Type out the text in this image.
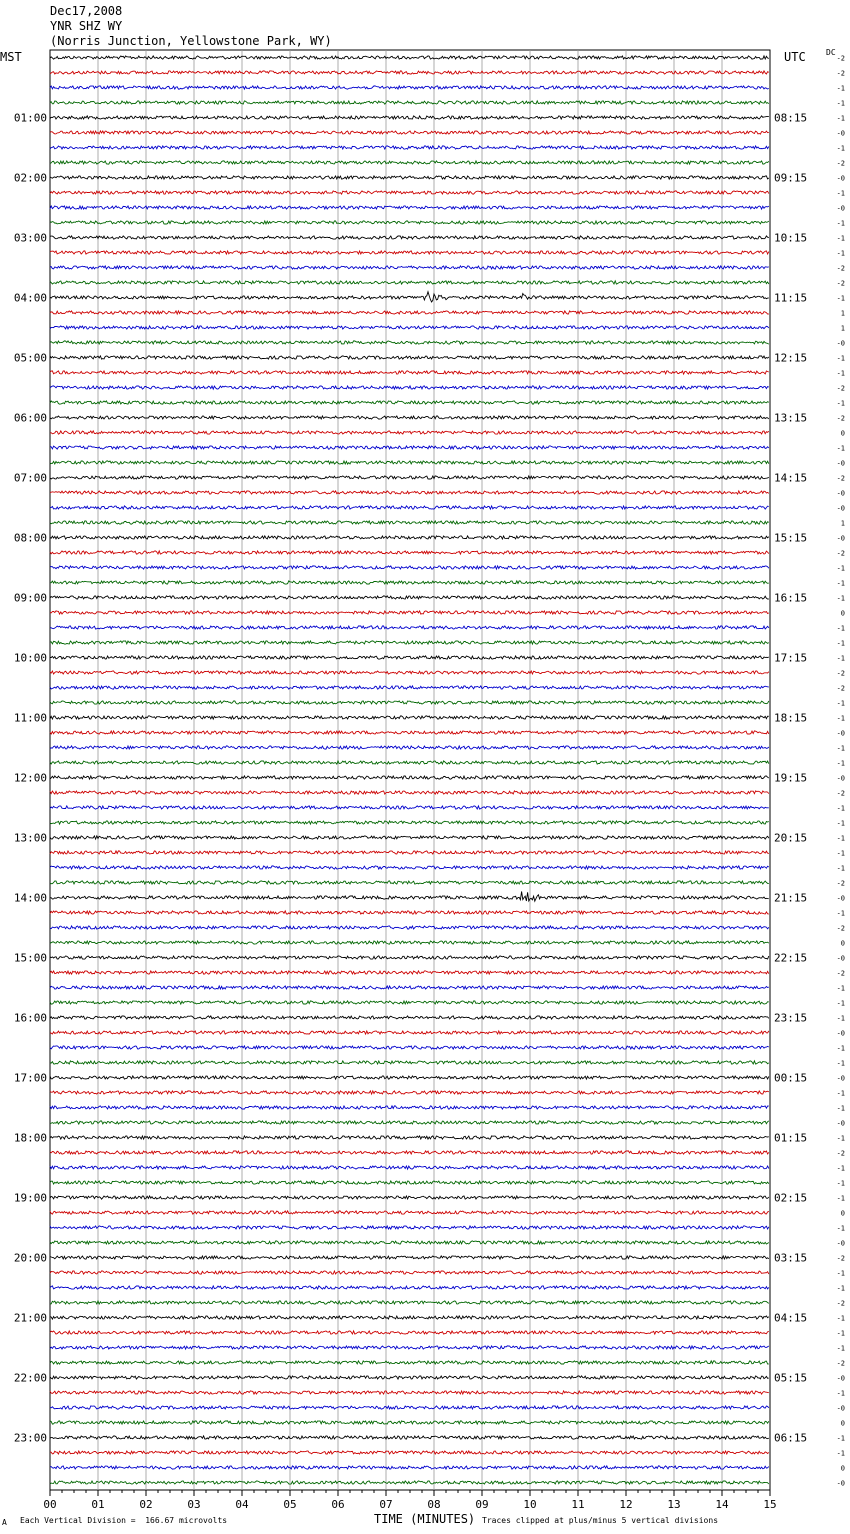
Dec17,2008
YNR SHZ WY
(Norris Junction, Yellowstone Park, WY)
MST	UTC	DC
01:00
02:00
03:00
04:00
05:00
06:00
07:00
08:00
09:00
10:00
11:00
12:00
13:00
14:00
15:00
16:00
17:00
18:00
19:00
20:00
21:00
22:00
23:00
08:15
09:15
10:15
11:15
12:15
13:15
14:15
15:15
16:15
17:15
18:15
19:15
20:15
21:15
22:15
23:15
00:15
01:15
02:15
03:15
04:15
05:15
06:15
-2
-2
-1
-1
-1
-0
-1
-2
-0
-1
-0
-1
-1
-1
-2
-2
-1
1
1
-0
-1
-1
-2
-1
-2
0
-1
-0
-2
-0
-0
1
-0
-2
-1
-1
-1
0
-1
-1
-1
-2
-2
-1
-1
-0
-1
-1
-0
-2
-1
-1
-1
-1
-1
-2
-0
-1
-2
0
-0
-2
-1
-1
-1
-0
-1
-1
-0
-1
-1
-0
-1
-2
-1
-1
-1
0
-1
-0
-2
-1
-1
-2
-1
-1
-1
-2
-0
-1
-0
0
-1
-1
0
-0
00	01	02	03	04	05	06	07	08	09	10	11	12	13	14	15
A Each Vertical Division =  166.67 microvolts	TIME (MINUTES) Traces clipped at plus/minus 5 vertical divisions
